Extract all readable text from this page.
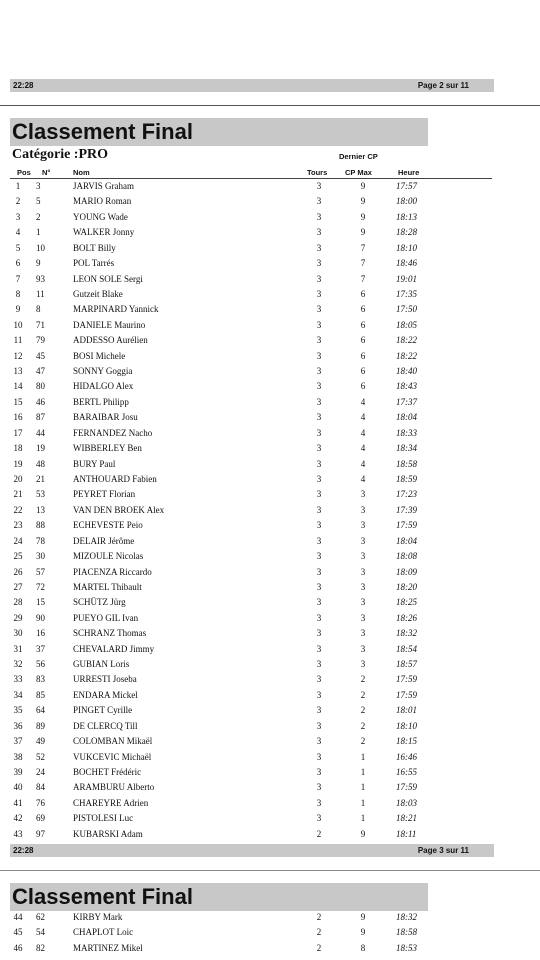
22:28	Page 2 sur 11
Classement Final
Catégorie :PRO	Dernier CP
Pos N°	Nom	Tours CP Max	Heure
1	3	JARVIS Graham	3	9	17:57
2	5	MARIO Roman	3	9	18:00
3	2	YOUNG Wade	3	9	18:13
4	1	WALKER Jonny	3	9	18:28
5	10	BOLT Billy	3	7	18:10
6	9	POL Tarrés	3	7	18:46
7	93	LEON SOLE Sergi	3	7	19:01
8	11	Gutzeit Blake	3	6	17:35
9	8	MARPINARD Yannick	3	6	17:50
10	71	DANIELE Maurino	3	6	18:05
11	79	ADDESSO Aurélien	3	6	18:22
12	45	BOSI Michele	3	6	18:22
13	47	SONNY Goggia	3	6	18:40
14	80	HIDALGO Alex	3	6	18:43
15	46	BERTL Philipp	3	4	17:37
16	87	BARAIBAR Josu	3	4	18:04
17	44	FERNANDEZ Nacho	3	4	18:33
18	19	WIBBERLEY Ben	3	4	18:34
19	48	BURY Paul	3	4	18:58
20	21	ANTHOUARD Fabien	3	4	18:59
21	53	PEYRET Florian	3	3	17:23
22	13	VAN DEN BROEK Alex	3	3	17:39
23	88	ECHEVESTE Peio	3	3	17:59
24	78	DELAIR Jérôme	3	3	18:04
25	30	MIZOULE Nicolas	3	3	18:08
26	57	PIACENZA Riccardo	3	3	18:09
27	72	MARTEL Thibault	3	3	18:20
28	15	SCHÜTZ Jürg	3	3	18:25
29	90	PUEYO GIL Ivan	3	3	18:26
30	16	SCHRANZ Thomas	3	3	18:32
31	37	CHEVALARD Jimmy	3	3	18:54
32	56	GUBIAN Loris	3	3	18:57
33	83	URRESTI Joseba	3	2	17:59
34	85	ENDARA Mickel	3	2	17:59
35	64	PINGET Cyrille	3	2	18:01
36	89	DE CLERCQ Till	3	2	18:10
37	49	COLOMBAN Mikaël	3	2	18:15
38	52	VUKCEVIC Michaël	3	1	16:46
39	24	BOCHET Frédéric	3	1	16:55
40	84	ARAMBURU Alberto	3	1	17:59
41	76	CHAREYRE Adrien	3	1	18:03
42	69	PISTOLESI Luc	3	1	18:21
43	97	KUBARSKI Adam	2	9	18:11
22:28	Page 3 sur 11
Classement Final
44	62	KIRBY Mark	2	9	18:32
45	54	CHAPLOT Loic	2	9	18:58
46	82	MARTINEZ Mikel	2	8	18:53
